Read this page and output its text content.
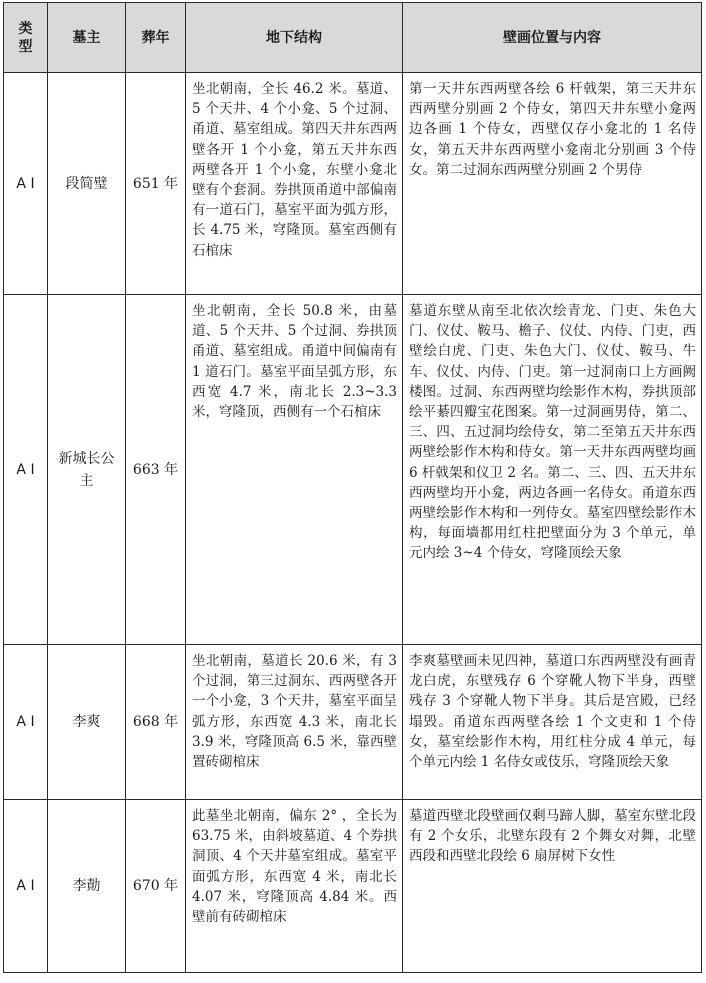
类型	墓主	葬年	地下结构	壁画位置与内容
A Ⅰ	段简璧	651 年	坐北朝南，全长 46.2 米。墓道、5 个天井、4 个小龛、5 个过洞、甬道、墓室组成。第四天井东西两壁各开 1 个小龛，第五天井东西两壁各开 1 个小龛，东壁小龛北壁有个套洞。券拱顶甬道中部偏南有一道石门，墓室平面为弧方形，长 4.75 米，穹隆顶。墓室西侧有石棺床	第一天井东西两壁各绘 6 杆戟架，第三天井东西两壁分别画 2 个侍女，第四天井东壁小龛两边各画 1 个侍女，西壁仅存小龛北的 1 名侍女，第五天井东西两壁小龛南北分别画 3 个侍女。第二过洞东西两壁分别画 2 个男侍
A Ⅰ	新城长公主	663 年	坐北朝南，全长 50.8 米，由墓道、5 个天井、5 个过洞、券拱顶甬道、墓室组成。甬道中间偏南有 1 道石门。墓室平面呈弧方形，东西宽 4.7 米，南北长 2.3~3.3 米，穹隆顶，西侧有一个石棺床	墓道东壁从南至北依次绘青龙、门吏、朱色大门、仪仗、鞍马、檐子、仪仗、内侍、门吏，西壁绘白虎、门吏、朱色大门、仪仗、鞍马、牛车、仪仗、内侍、门吏。第一过洞南口上方画阙楼图。过洞、东西两壁均绘影作木构，券拱顶部绘平綦四瓣宝花图案。第一过洞画男侍，第二、三、四、五过洞均绘侍女，第二至第五天井东西两壁绘影作木构和侍女。第一天井东西两壁均画 6 杆戟架和仪卫 2 名。第二、三、四、五天井东西两壁均开小龛，两边各画一名侍女。甬道东西两壁绘影作木构和一列侍女。墓室四壁绘影作木构，每面墙都用红柱把壁面分为 3 个单元，单元内绘 3~4 个侍女，穹隆顶绘天象
A Ⅰ	李爽	668 年	坐北朝南，墓道长 20.6 米，有 3 个过洞，第三过洞东、西两壁各开一个小龛，3 个天井，墓室平面呈弧方形，东西宽 4.3 米，南北长 3.9 米，穹隆顶高 6.5 米，靠西壁置砖砌棺床	李爽墓壁画未见四神，墓道口东西两壁没有画青龙白虎，东壁残存 6 个穿靴人物下半身，西壁残存 3 个穿靴人物下半身。其后是宫殿，已经塌毁。甬道东西两壁各绘 1 个文吏和 1 个侍女，墓室绘影作木构，用红柱分成 4 单元，每个单元内绘 1 名侍女或伎乐，穹隆顶绘天象
A Ⅰ	李勣	670 年	此墓坐北朝南，偏东 2° ，全长为 63.75 米，由斜坡墓道、4 个券拱洞顶、4 个天井墓室组成。墓室平面弧方形，东西宽 4 米，南北长 4.07 米，穹隆顶高 4.84 米。西壁前有砖砌棺床	墓道西壁北段壁画仅剩马蹄人脚，墓室东壁北段有 2 个女乐，北壁东段有 2 个舞女对舞，北壁西段和西壁北段绘 6 扇屏树下女性
